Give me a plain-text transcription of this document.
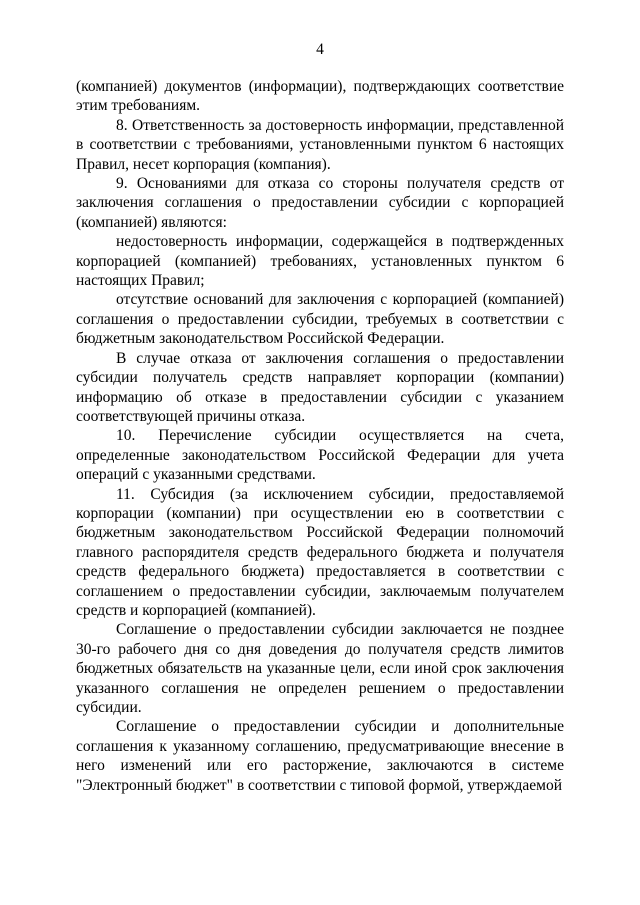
4

(компанией) документов (информации), подтверждающих соответствие этим требованиям.

8. Ответственность за достоверность информации, представленной в соответствии с требованиями, установленными пунктом 6 настоящих Правил, несет корпорация (компания).

9. Основаниями для отказа со стороны получателя средств от заключения соглашения о предоставлении субсидии с корпорацией (компанией) являются:

недостоверность информации, содержащейся в подтвержденных корпорацией (компанией) требованиях, установленных пунктом 6 настоящих Правил;

отсутствие оснований для заключения с корпорацией (компанией) соглашения о предоставлении субсидии, требуемых в соответствии с бюджетным законодательством Российской Федерации.

В случае отказа от заключения соглашения о предоставлении субсидии получатель средств направляет корпорации (компании) информацию об отказе в предоставлении субсидии с указанием соответствующей причины отказа.

10. Перечисление субсидии осуществляется на счета, определенные законодательством Российской Федерации для учета операций с указанными средствами.

11. Субсидия (за исключением субсидии, предоставляемой корпорации (компании) при осуществлении ею в соответствии с бюджетным законодательством Российской Федерации полномочий главного распорядителя средств федерального бюджета и получателя средств федерального бюджета) предоставляется в соответствии с соглашением о предоставлении субсидии, заключаемым получателем средств и корпорацией (компанией).

Соглашение о предоставлении субсидии заключается не позднее 30-го рабочего дня со дня доведения до получателя средств лимитов бюджетных обязательств на указанные цели, если иной срок заключения указанного соглашения не определен решением о предоставлении субсидии.

Соглашение о предоставлении субсидии и дополнительные соглашения к указанному соглашению, предусматривающие внесение в него изменений или его расторжение, заключаются в системе "Электронный бюджет" в соответствии с типовой формой, утверждаемой
